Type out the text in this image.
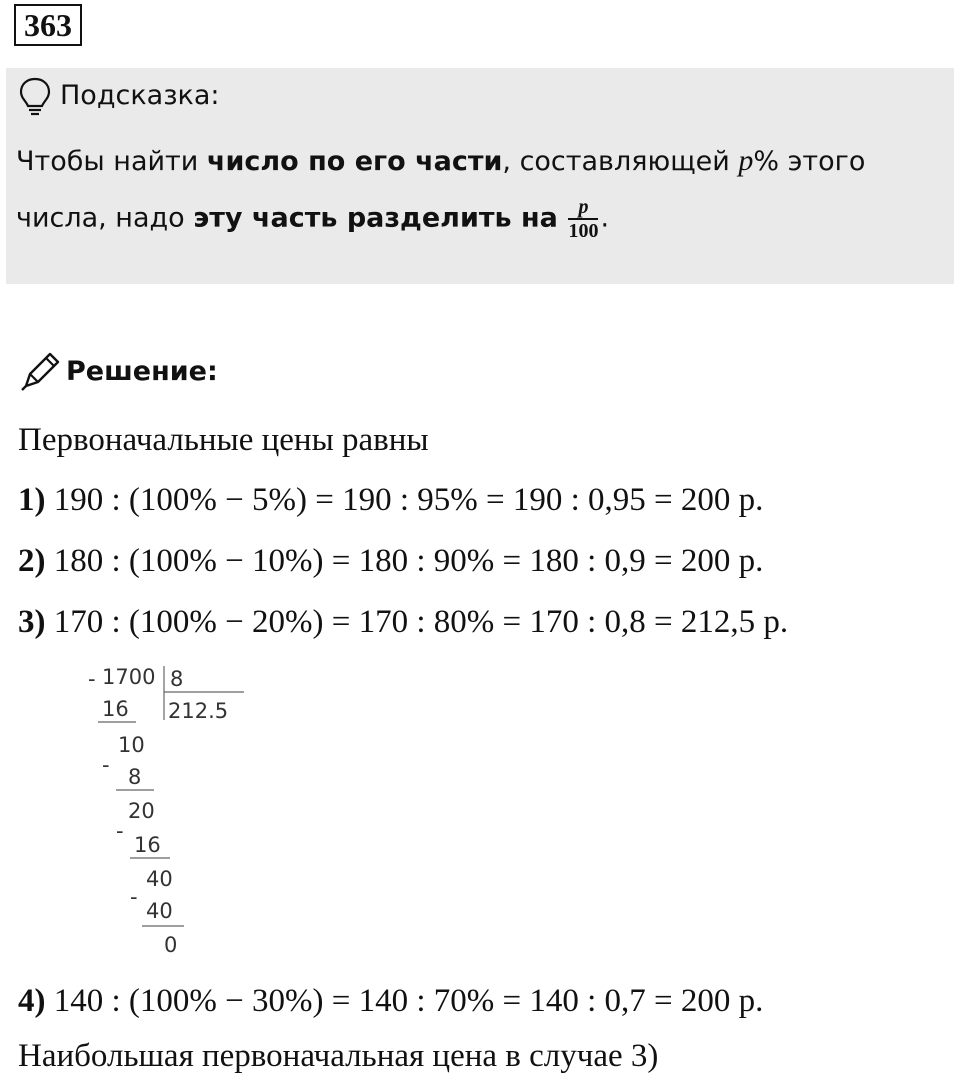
363
Подсказка:
Чтобы найти число по его части, составляющей p% этого
числа, надо эту часть разделить на $\frac{p}{100}$ .
Решение:
Первоначальные цены равны
1) 190 : (100% − 5%) = 190 : 95% = 190 : 0,95 = 200 р.
2) 180 : (100% − 10%) = 180 : 90% = 180 : 0,9 = 200 р.
3) 170 : (100% − 20%) = 170 : 80% = 170 : 0,8 = 212,5 р.
- 1700 8
212.5
16
10
- 8
20
-
16
40
-
40
0
4) 140 : (100% − 30%) = 140 : 70% = 140 : 0,7 = 200 р.
Наибольшая первоначальная цена в случае 3)
